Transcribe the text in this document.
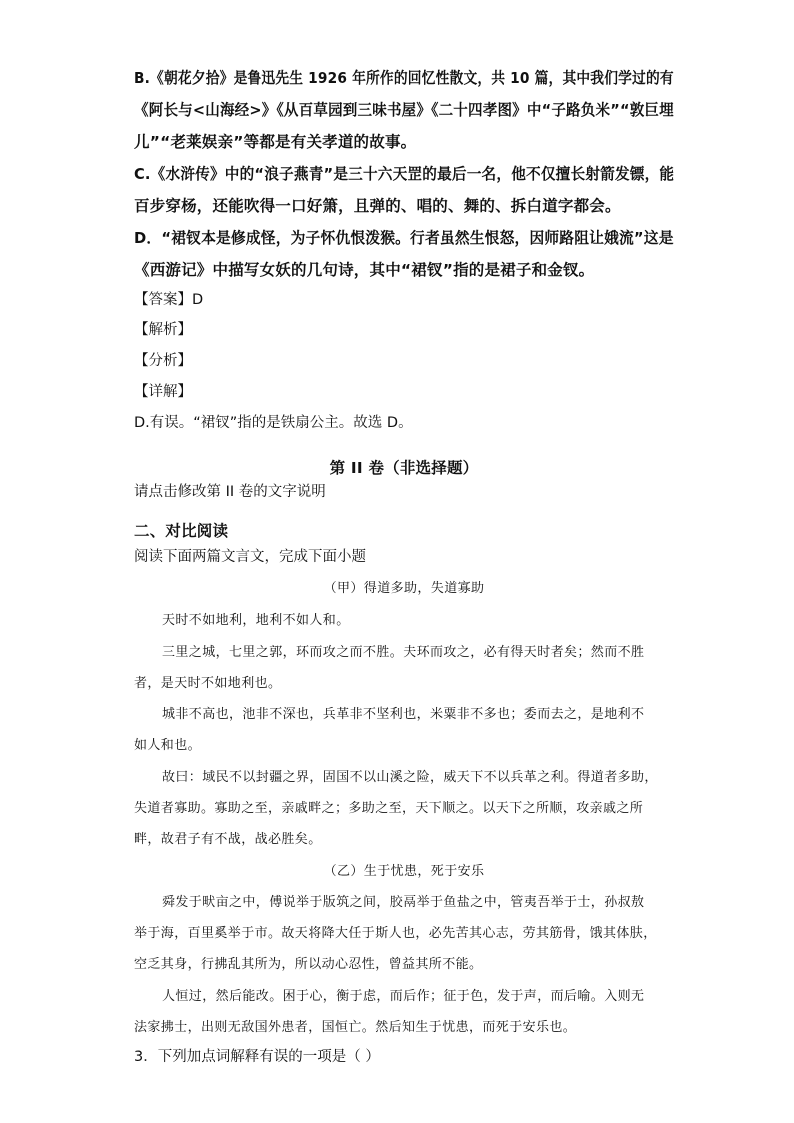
B.《朝花夕拾》是鲁迅先生 1926 年所作的回忆性散文，共 10 篇，其中我们学过的有
《阿长与<山海经>》《从百草园到三味书屋》《二十四孝图》中“子路负米”“敦巨埋
儿”“老莱娱亲”等都是有关孝道的故事。
C.《水浒传》中的“浪子燕青”是三十六天罡的最后一名，他不仅擅长射箭发镖，能
百步穿杨，还能吹得一口好箫，且弹的、唱的、舞的、拆白道字都会。
D．“裙钗本是修成怪，为子怀仇恨泼猴。行者虽然生恨怒，因师路阻让娥流”这是
《西游记》中描写女妖的几句诗，其中“裙钗”指的是裙子和金钗。
【答案】D
【解析】
【分析】
【详解】
D.有误。“裙钗”指的是铁扇公主。故选 D。
第 II 卷（非选择题）
请点击修改第 II 卷的文字说明
二、对比阅读
阅读下面两篇文言文，完成下面小题
（甲）得道多助，失道寡助
天时不如地利，地利不如人和。
三里之城，七里之郭，环而攻之而不胜。夫环而攻之，必有得天时者矣；然而不胜
者，是天时不如地利也。
城非不高也，池非不深也，兵革非不坚利也，米粟非不多也；委而去之，是地利不
如人和也。
故曰：域民不以封疆之界，固国不以山溪之险，威天下不以兵革之利。得道者多助，
失道者寡助。寡助之至，亲戚畔之；多助之至，天下顺之。以天下之所顺，攻亲戚之所
畔，故君子有不战，战必胜矣。
（乙）生于忧患，死于安乐
舜发于畎亩之中，傅说举于版筑之间，胶鬲举于鱼盐之中，管夷吾举于士，孙叔敖
举于海，百里奚举于市。故天将降大任于斯人也，必先苦其心志，劳其筋骨，饿其体肤，
空乏其身，行拂乱其所为，所以动心忍性，曾益其所不能。
人恒过，然后能改。困于心，衡于虑，而后作；征于色，发于声，而后喻。入则无
法家拂士，出则无敌国外患者，国恒亡。然后知生于忧患，而死于安乐也。
3．下列加点词解释有误的一项是（ ）
